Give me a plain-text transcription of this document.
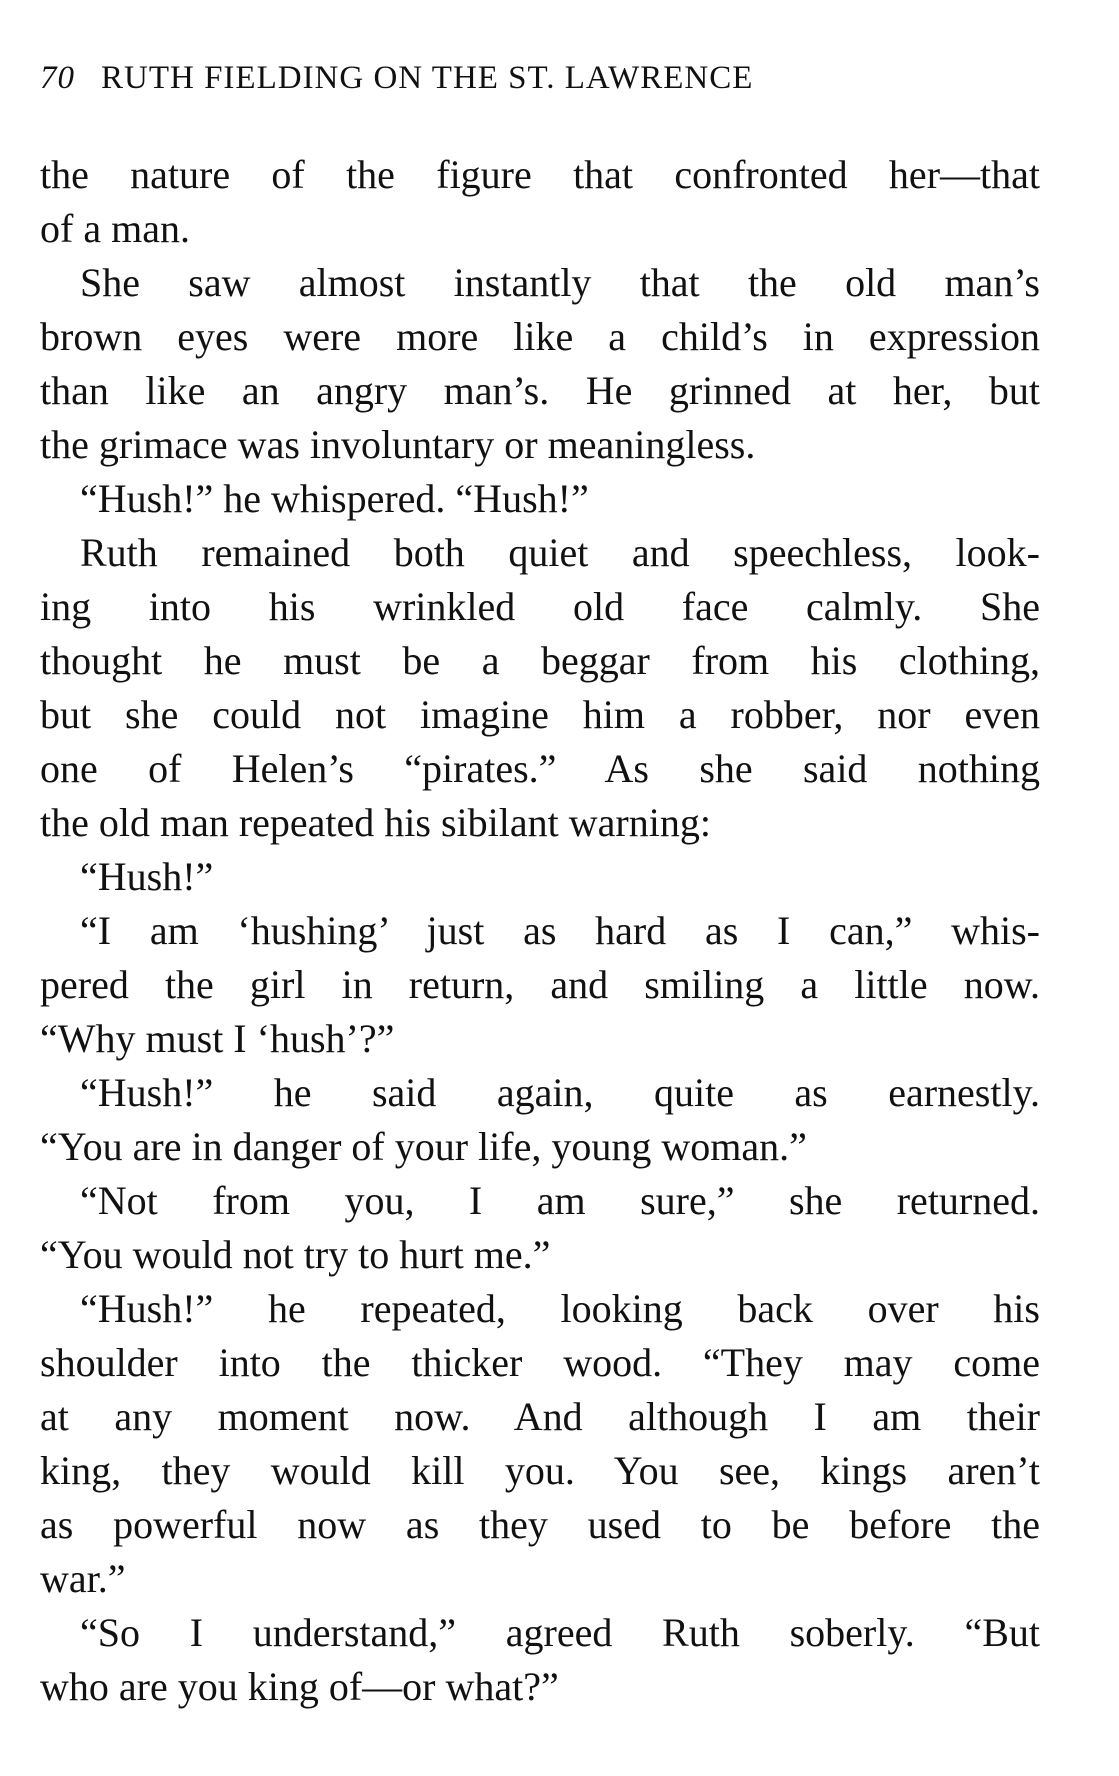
70 RUTH FIELDING ON THE ST. LAWRENCE
the nature of the figure that confronted her—that
of a man.
She saw almost instantly that the old man’s
brown eyes were more like a child’s in expression
than like an angry man’s. He grinned at her, but
the grimace was involuntary or meaningless.
“Hush!” he whispered. “Hush!”
Ruth remained both quiet and speechless, look-
ing into his wrinkled old face calmly. She
thought he must be a beggar from his clothing,
but she could not imagine him a robber, nor even
one of Helen’s “pirates.” As she said nothing
the old man repeated his sibilant warning:
“Hush!”
“I am ‘hushing’ just as hard as I can,” whis-
pered the girl in return, and smiling a little now.
“Why must I ‘hush’?”
“Hush!” he said again, quite as earnestly.
“You are in danger of your life, young woman.”
“Not from you, I am sure,” she returned.
“You would not try to hurt me.”
“Hush!” he repeated, looking back over his
shoulder into the thicker wood. “They may come
at any moment now. And although I am their
king, they would kill you. You see, kings aren’t
as powerful now as they used to be before the
war.”
“So I understand,” agreed Ruth soberly. “But
who are you king of—or what?”
